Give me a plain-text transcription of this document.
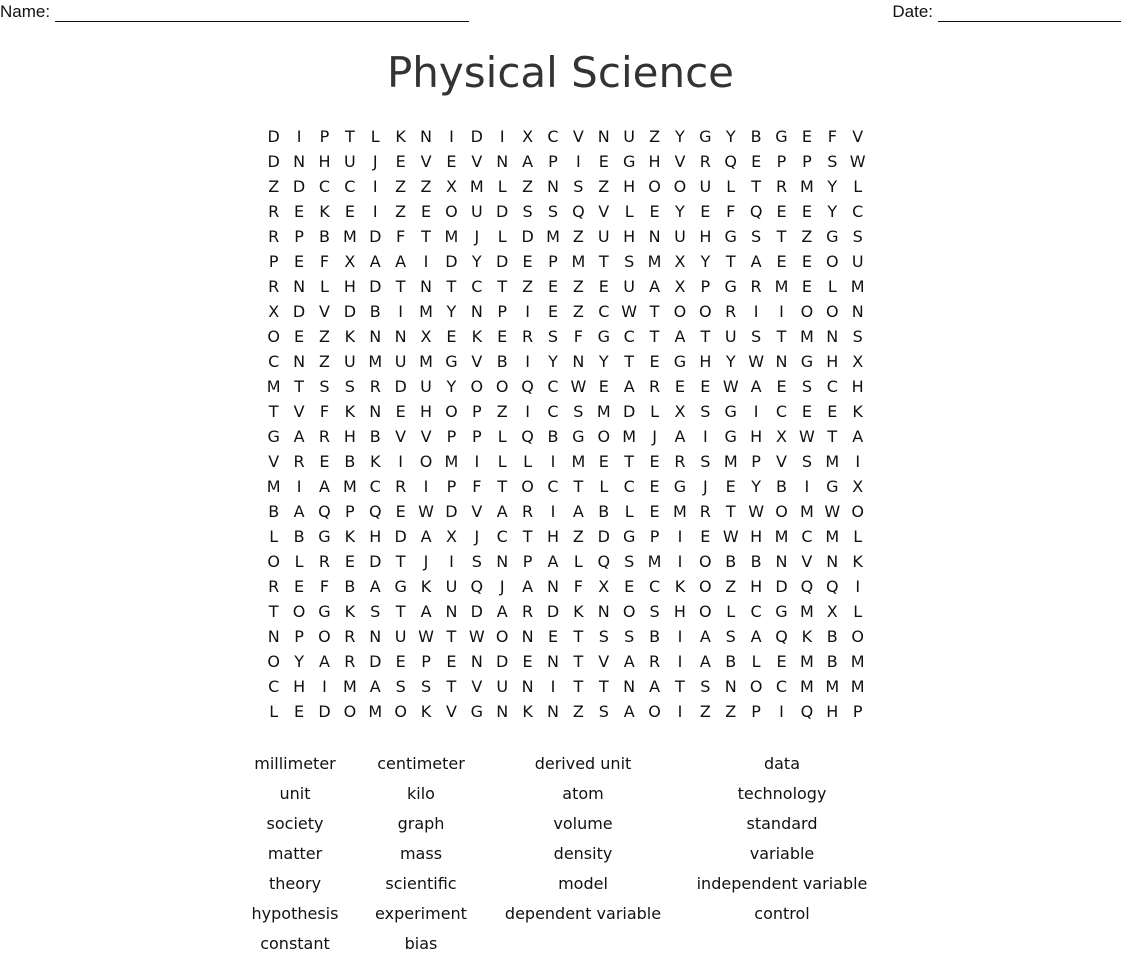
Name:	Date:
Physical Science
D	I	P T	L K N	I	D	I	X C V N U Z Y G Y B G E F V
D N H U	J	E V E V N A P	I	E G H V R Q E P P S W
Z D C C	I	Z Z X M L Z N S Z H O O U L	T R M Y	L
R E K E	I	Z E O U D S S Q V L E Y E F Q E E Y C
R P B M D F T M	J	L D M Z U H N U H G S T Z G S
P E F X A A	I	D Y D E P M T S M X Y T A E E O U
R N L H D T N T C T Z E Z E U A X P G R M E L M
X D V D B	I	M Y N P	I	E Z C W T O O R	I	I	O O N
O E Z K N N X E K E R S F G C T A T U S T M N S
C N Z U M U M G V B	I	Y N Y T E G H Y W N G H X
M T S S R D U Y O O Q C W E A R E E W A E S C H
T V F K N E H O P Z	I	C S M D L X S G	I	C E E K
G A R H B V V P P	L Q B G O M	J	A	I	G H X W T A
V R E B K	I	O M	I	L	L	I	M E T E R S M P V S M	I
M	I	A M C R	I	P F T O C T	L C E G	J	E Y B	I	G X
B A Q P Q E W D V A R	I	A B L E M R T W O M W O
L B G K H D A X	J	C T H Z D G P	I	E W H M C M L
O L R E D T	J	I	S N P A L Q S M	I	O B B N V N K
R E F B A G K U Q	J	A N F X E C K O Z H D Q Q	I
T O G K S T A N D A R D K N O S H O L C G M X L
N P O R N U W T W O N E T S S B	I	A S A Q K B O
O Y A R D E P E N D E N T V A R	I	A B L E M B M
C H	I	M A S S T V U N	I	T T N A T S N O C M M M
L E D O M O K V G N K N Z S A O	I	Z Z P	I	Q H P
millimeter
unit
society
matter
theory
hypothesis
constant
centimeter
kilo
graph
mass
scientific
experiment
bias
derived unit
atom
volume
density
model
dependent variable
data
technology
standard
variable
independent variable
control
